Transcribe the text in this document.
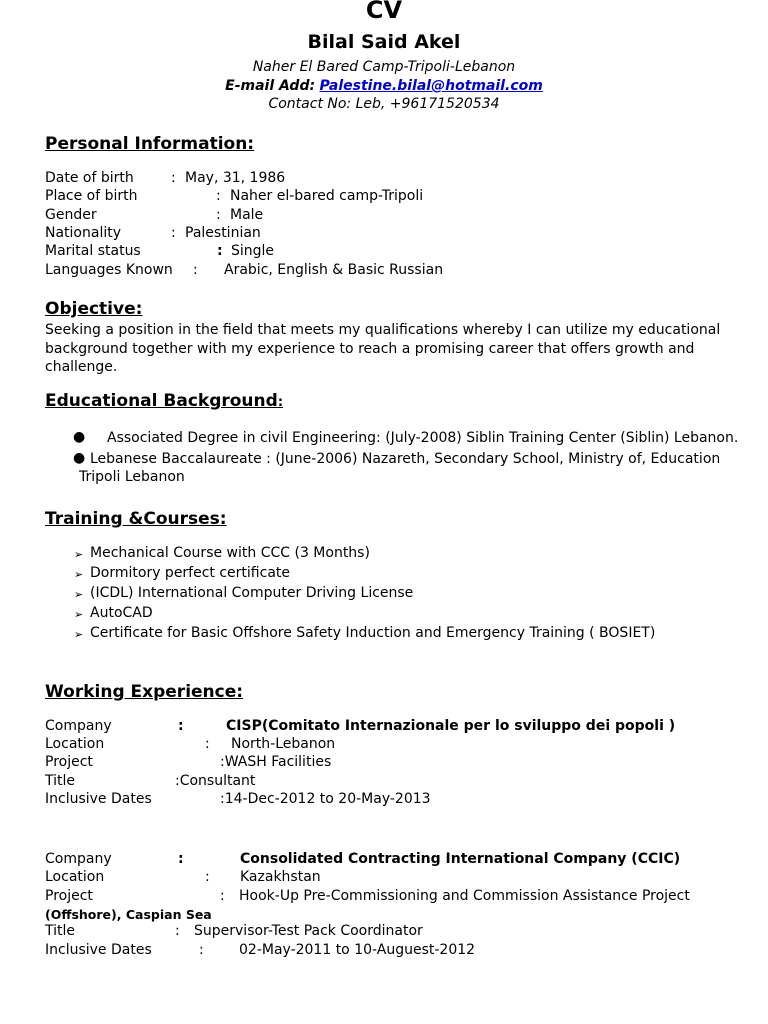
CV
Bilal Said Akel
Naher El Bared Camp-Tripoli-Lebanon
E-mail Add: Palestine.bilal@hotmail.com
Contact No: Leb, +96171520534
Personal Information:
Date of birth	: May, 31, 1986
Place of birth	: Naher el-bared camp-Tripoli
Gender	: Male
Nationality	: Palestinian
Marital status	: Single
Languages Known : Arabic, English & Basic Russian
Objective:
Seeking a position in the field that meets my qualifications whereby I can utilize my educational background together with my experience to reach a promising career that offers growth and challenge.
Educational Background:
● Associated Degree in civil Engineering: (July-2008) Siblin Training Center (Siblin) Lebanon.
● Lebanese Baccalaureate : (June-2006) Nazareth, Secondary School, Ministry of, Education
Tripoli Lebanon
Training &Courses:
➢ Mechanical Course with CCC (3 Months)
➢ Dormitory perfect certificate
➢ (ICDL) International Computer Driving License
➢ AutoCAD
➢ Certificate for Basic Offshore Safety Induction and Emergency Training ( BOSIET)
Working Experience:
Company	:	CISP(Comitato Internazionale per lo sviluppo dei popoli )
Location	: North-Lebanon
Project	:WASH Facilities
Title	:Consultant
Inclusive Dates	:14-Dec-2012 to 20-May-2013
Company	:	Consolidated Contracting International Company (CCIC)
Location	: Kazakhstan
Project	: Hook-Up Pre-Commissioning and Commission Assistance Project
(Offshore), Caspian Sea
Title	: Supervisor-Test Pack Coordinator
Inclusive Dates	:	02-May-2011 to 10-Auguest-2012
